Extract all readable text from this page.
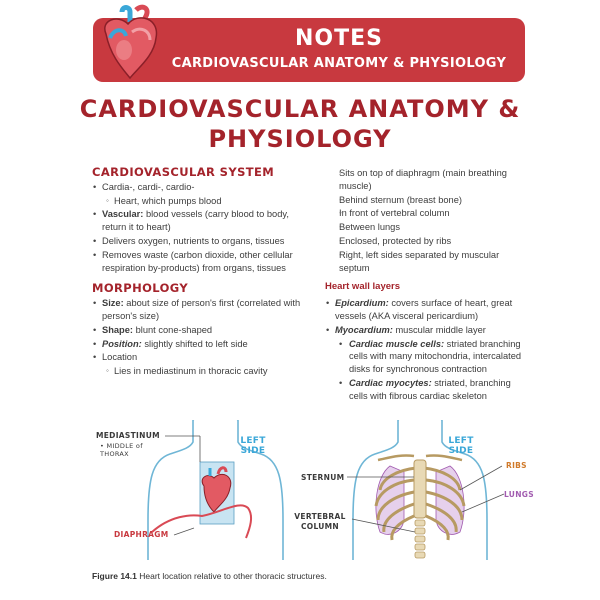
NOTES
CARDIOVASCULAR ANATOMY & PHYSIOLOGY
CARDIOVASCULAR ANATOMY &
PHYSIOLOGY
CARDIOVASCULAR SYSTEM
• Cardia-, cardi-, cardio-
◦ Heart, which pumps blood
• Vascular: blood vessels (carry blood to body, return it to heart)
• Delivers oxygen, nutrients to organs, tissues
• Removes waste (carbon dioxide, other cellular respiration by-products) from organs, tissues
MORPHOLOGY
• Size: about size of person's first (correlated with person's size)
• Shape: blunt cone-shaped
• Position: slightly shifted to left side
• Location
◦ Lies in mediastinum in thoracic cavity
◦ Sits on top of diaphragm (main breathing muscle)
◦ Behind sternum (breast bone)
◦ In front of vertebral column
◦ Between lungs
◦ Enclosed, protected by ribs
◦ Right, left sides separated by muscular septum
Heart wall layers
• Epicardium: covers surface of heart, great vessels (AKA visceral pericardium)
• Myocardium: muscular middle layer
• Cardiac muscle cells: striated branching cells with many mitochondria, intercalated disks for synchronous contraction
• Cardiac myocytes: striated, branching cells with fibrous cardiac skeleton
MEDIASTINUM
• MIDDLE of THORAX
LEFT SIDE
DIAPHRAGM
LEFT SIDE
STERNUM
VERTEBRAL COLUMN
RIBS
LUNGS
Figure 14.1 Heart location relative to other thoracic structures.
